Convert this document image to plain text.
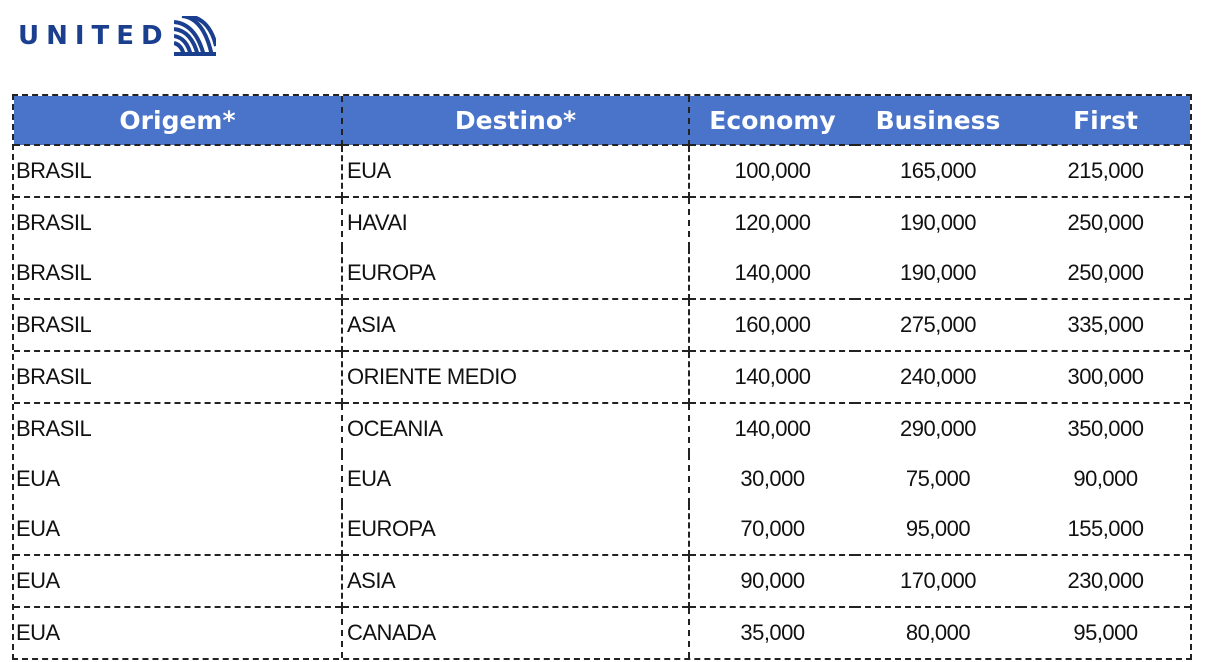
UNITED
Origem*	Destino*	Economy	Business	First
BRASIL	EUA	100,000	165,000	215,000
BRASIL	HAVAI	120,000	190,000	250,000
BRASIL	EUROPA	140,000	190,000	250,000
BRASIL	ASIA	160,000	275,000	335,000
BRASIL	ORIENTE MEDIO	140,000	240,000	300,000
BRASIL	OCEANIA	140,000	290,000	350,000
EUA	EUA	30,000	75,000	90,000
EUA	EUROPA	70,000	95,000	155,000
EUA	ASIA	90,000	170,000	230,000
EUA	CANADA	35,000	80,000	95,000
